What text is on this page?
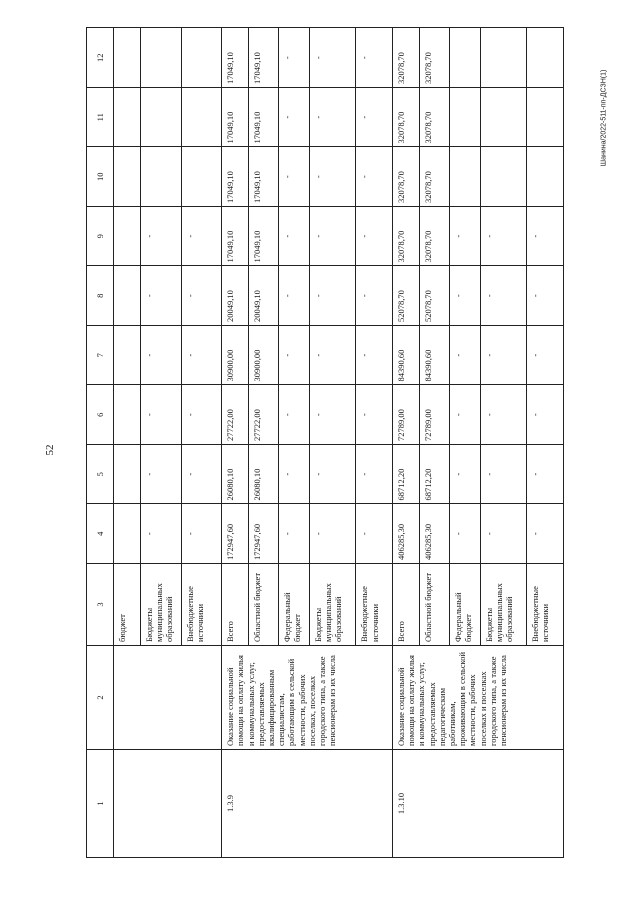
52
Шанина/2022-511-пп-ДСЗН(1)
1	2	3	4	5	6	7	8	9	10	11	12
		бюджет									
		Бюджеты муниципальных образований	-	-	-	-	-	-			
		Внебюджетные источники	-	-	-	-	-	-			
1.3.9	Оказание социальной помощи на оплату жилья и коммунальных услуг, предоставляемых квалифицированным специалистам, работающим в сельской местности, рабочих поселках, поселках городского типа, а также пенсионерам из их числа	Всего	172947,60	26080,10	27722,00	30900,00	20049,10	17049,10	17049,10	17049,10	17049,10
		Областной бюджет	172947,60	26080,10	27722,00	30900,00	20049,10	17049,10	17049,10	17049,10	17049,10
		Федеральный бюджет	-	-	-	-	-	-	-	-	-
		Бюджеты муниципальных образований	-	-	-	-	-	-	-	-	-
		Внебюджетные источники	-	-	-	-	-	-	-	-	-
1.3.10	Оказание социальной помощи на оплату жилья и коммунальных услуг, предоставляемых педагогическим работникам, проживающим в сельской местности, рабочих поселках и поселках городского типа, а также пенсионерам из их числа	Всего	406285,30	68712,20	72789,00	84390,60	52078,70	32078,70	32078,70	32078,70	32078,70
		Областной бюджет	406285,30	68712,20	72789,00	84390,60	52078,70	32078,70	32078,70	32078,70	32078,70
		Федеральный бюджет	-	-	-	-	-	-			
		Бюджеты муниципальных образований	-	-	-	-	-	-			
		Внебюджетные источники	-	-	-	-	-	-			
